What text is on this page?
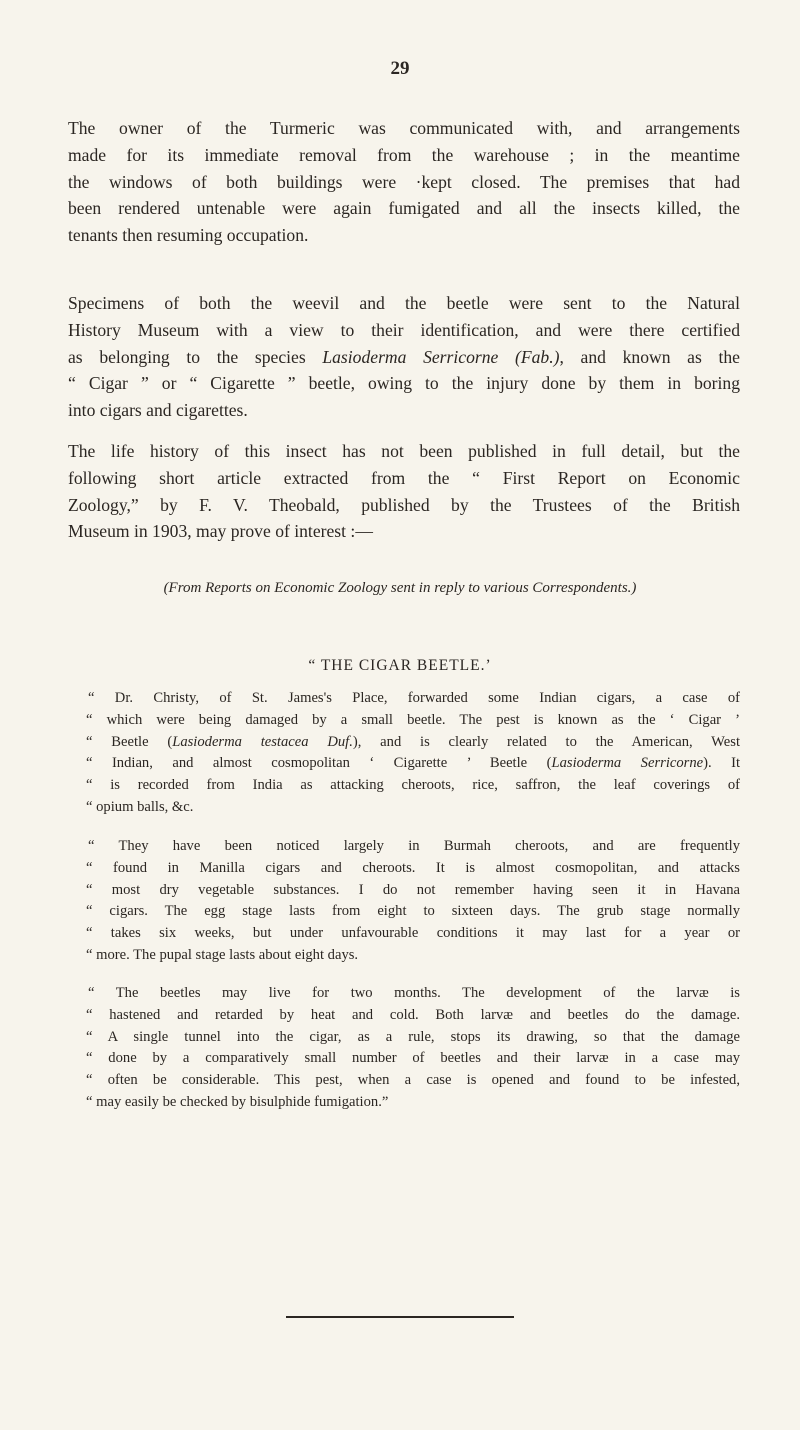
29
The owner of the Turmeric was communicated with, and arrangements
made for its immediate removal from the warehouse ; in the meantime
the windows of both buildings were ·kept closed. The premises that had
been rendered untenable were again fumigated and all the insects killed, the
tenants then resuming occupation.
Specimens of both the weevil and the beetle were sent to the Natural
History Museum with a view to their identification, and were there certified
as belonging to the species Lasioderma Serricorne (Fab.), and known as the
“ Cigar ” or “ Cigarette ” beetle, owing to the injury done by them in boring
into cigars and cigarettes.
The life history of this insect has not been published in full detail, but the
following short article extracted from the “ First Report on Economic
Zoology,” by F. V. Theobald, published by the Trustees of the British
Museum in 1903, may prove of interest :—
(From Reports on Economic Zoology sent in reply to various Correspondents.)
“ THE CIGAR BEETLE.’
“ Dr. Christy, of St. James's Place, forwarded some Indian cigars, a case of
“ which were being damaged by a small beetle. The pest is known as the ‘ Cigar ’
“ Beetle (Lasioderma testacea Duf.), and is clearly related to the American, West
“ Indian, and almost cosmopolitan ‘ Cigarette ’ Beetle (Lasioderma Serricorne). It
“ is recorded from India as attacking cheroots, rice, saffron, the leaf coverings of
“ opium balls, &c.
“ They have been noticed largely in Burmah cheroots, and are frequently
“ found in Manilla cigars and cheroots. It is almost cosmopolitan, and attacks
“ most dry vegetable substances. I do not remember having seen it in Havana
“ cigars. The egg stage lasts from eight to sixteen days. The grub stage normally
“ takes six weeks, but under unfavourable conditions it may last for a year or
“ more. The pupal stage lasts about eight days.
“ The beetles may live for two months. The development of the larvæ is
“ hastened and retarded by heat and cold. Both larvæ and beetles do the damage.
“ A single tunnel into the cigar, as a rule, stops its drawing, so that the damage
“ done by a comparatively small number of beetles and their larvæ in a case may
“ often be considerable. This pest, when a case is opened and found to be infested,
“ may easily be checked by bisulphide fumigation.”
